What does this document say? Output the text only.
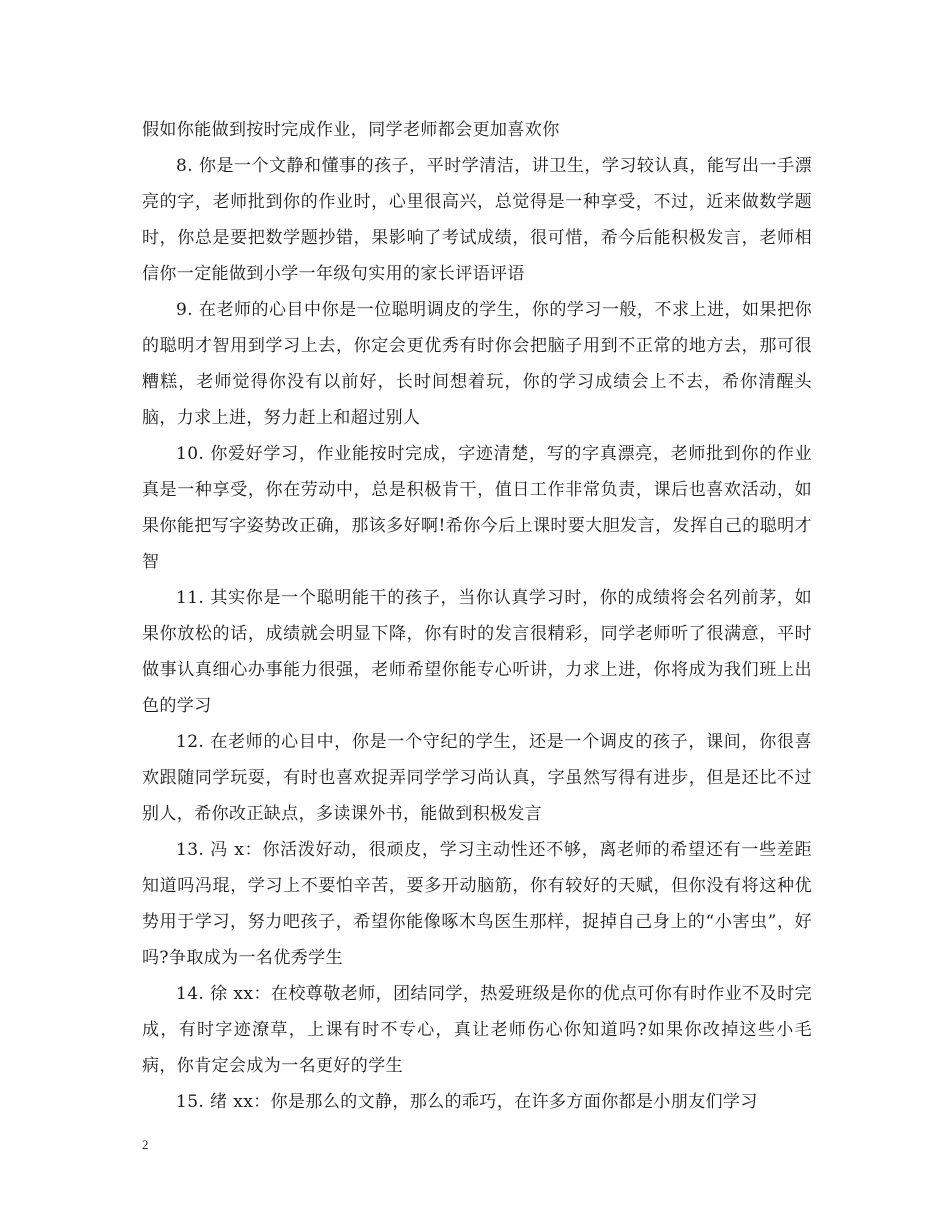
假如你能做到按时完成作业，同学老师都会更加喜欢你

8. 你是一个文静和懂事的孩子，平时学清洁，讲卫生，学习较认真，能写出一手漂亮的字，老师批到你的作业时，心里很高兴，总觉得是一种享受，不过，近来做数学题时，你总是要把数学题抄错，果影响了考试成绩，很可惜，希今后能积极发言，老师相信你一定能做到小学一年级句实用的家长评语评语

9. 在老师的心目中你是一位聪明调皮的学生，你的学习一般，不求上进，如果把你的聪明才智用到学习上去，你定会更优秀有时你会把脑子用到不正常的地方去，那可很糟糕，老师觉得你没有以前好，长时间想着玩，你的学习成绩会上不去，希你清醒头脑，力求上进，努力赶上和超过别人

10. 你爱好学习，作业能按时完成，字迹清楚，写的字真漂亮，老师批到你的作业真是一种享受，你在劳动中，总是积极肯干，值日工作非常负责，课后也喜欢活动，如果你能把写字姿势改正确，那该多好啊!希你今后上课时要大胆发言，发挥自己的聪明才智

11. 其实你是一个聪明能干的孩子，当你认真学习时，你的成绩将会名列前茅，如果你放松的话，成绩就会明显下降，你有时的发言很精彩，同学老师听了很满意，平时做事认真细心办事能力很强，老师希望你能专心听讲，力求上进，你将成为我们班上出色的学习

12. 在老师的心目中，你是一个守纪的学生，还是一个调皮的孩子，课间，你很喜欢跟随同学玩耍，有时也喜欢捉弄同学学习尚认真，字虽然写得有进步，但是还比不过别人，希你改正缺点，多读课外书，能做到积极发言

13. 冯 x：你活泼好动，很顽皮，学习主动性还不够，离老师的希望还有一些差距知道吗冯琨，学习上不要怕辛苦，要多开动脑筋，你有较好的天赋，但你没有将这种优势用于学习，努力吧孩子，希望你能像啄木鸟医生那样，捉掉自己身上的“小害虫”，好吗?争取成为一名优秀学生

14. 徐 xx：在校尊敬老师，团结同学，热爱班级是你的优点可你有时作业不及时完成，有时字迹潦草，上课有时不专心，真让老师伤心你知道吗?如果你改掉这些小毛病，你肯定会成为一名更好的学生

15. 绪 xx：你是那么的文静，那么的乖巧，在许多方面你都是小朋友们学习

2
